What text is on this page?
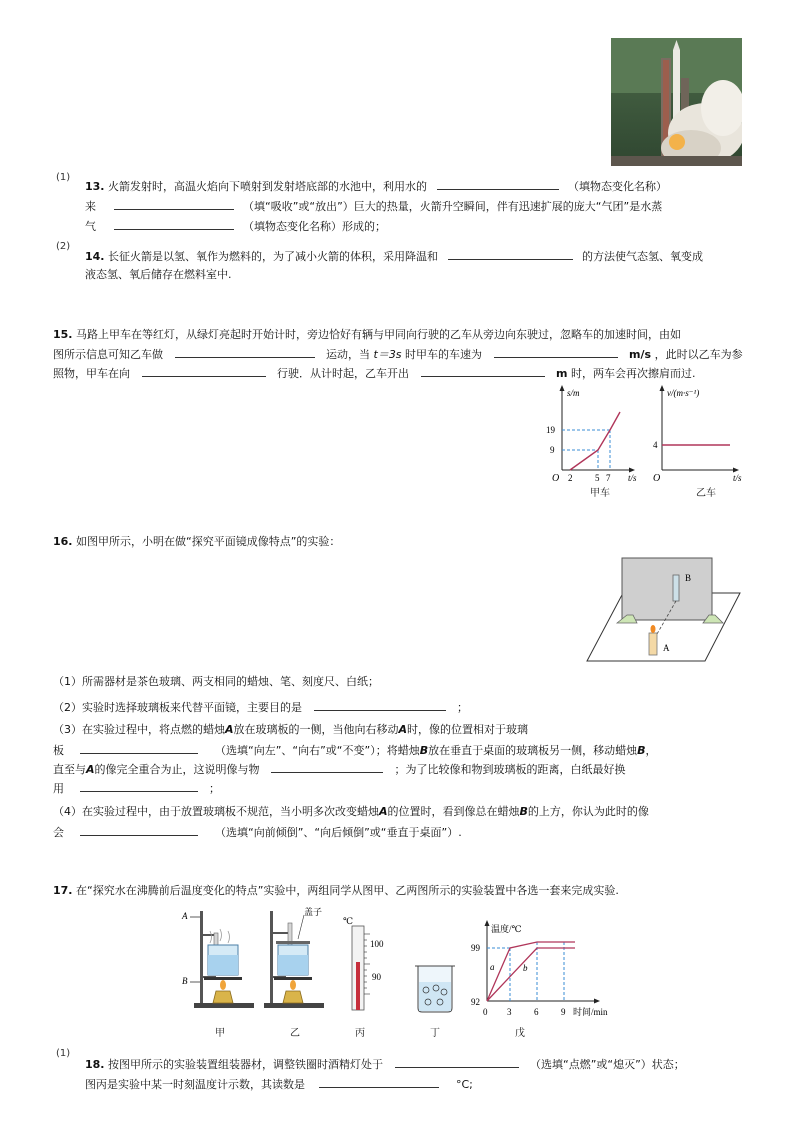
(1)
13. 火箭发射时，高温火焰向下喷射到发射塔底部的水池中，利用水的	（填物态变化名称）
来	（填“吸收”或“放出”）巨大的热量，火箭升空瞬间，伴有迅速扩展的庞大“气团”是水蒸
气	（填物态变化名称）形成的；
(2)
14. 长征火箭是以氢、氧作为燃料的，为了减小火箭的体积，采用降温和	的方法使气态氢、氧变成
液态氢、氧后储存在燃料室中.
15. 马路上甲车在等红灯，从绿灯亮起时开始计时，旁边恰好有辆与甲同向行驶的乙车从旁边向东驶过，忽略车的加速时间，由如
图所示信息可知乙车做	运动，当 t＝3s 时甲车的车速为	m/s ，此时以乙车为参
照物，甲车在向	行驶．从计时起，乙车开出	m 时，两车会再次擦肩而过.
s/m
t/s
O
19
9
2	5 7
甲车
v/(m·s⁻¹)
t/s
O
4
乙车
16. 如图甲所示，小明在做“探究平面镜成像特点”的实验：
B
A
（1）所需器材是茶色玻璃、两支相同的蜡烛、笔、刻度尺、白纸；
（2）实验时选择玻璃板来代替平面镜，主要目的是	；
（3）在实验过程中，将点燃的蜡烛A放在玻璃板的一侧，当他向右移动A时，像的位置相对于玻璃
板	（选填“向左”、“向右”或“不变”）；将蜡烛B放在垂直于桌面的玻璃板另一侧，移动蜡烛B，
直至与A的像完全重合为止，这说明像与物	；为了比较像和物到玻璃板的距离，白纸最好换
用	；
（4）在实验过程中，由于放置玻璃板不规范，当小明多次改变蜡烛A的位置时，看到像总在蜡烛B的上方，你认为此时的像
会	（选填“向前倾倒”、“向后倾倒”或“垂直于桌面”）.
17. 在“探究水在沸腾前后温度变化的特点”实验中，两组同学从图甲、乙两图所示的实验装置中各选一套来完成实验.
A
B
甲
盖子
乙
℃
100
90
丙	丁
温度/℃
时间/min
99
92
0 3	6	9
a	b
戊
(1)
18. 按图甲所示的实验装置组装器材，调整铁圈时酒精灯处于	（选填“点燃”或“熄灭”）状态；
图丙是实验中某一时刻温度计示数，其读数是	°C;
